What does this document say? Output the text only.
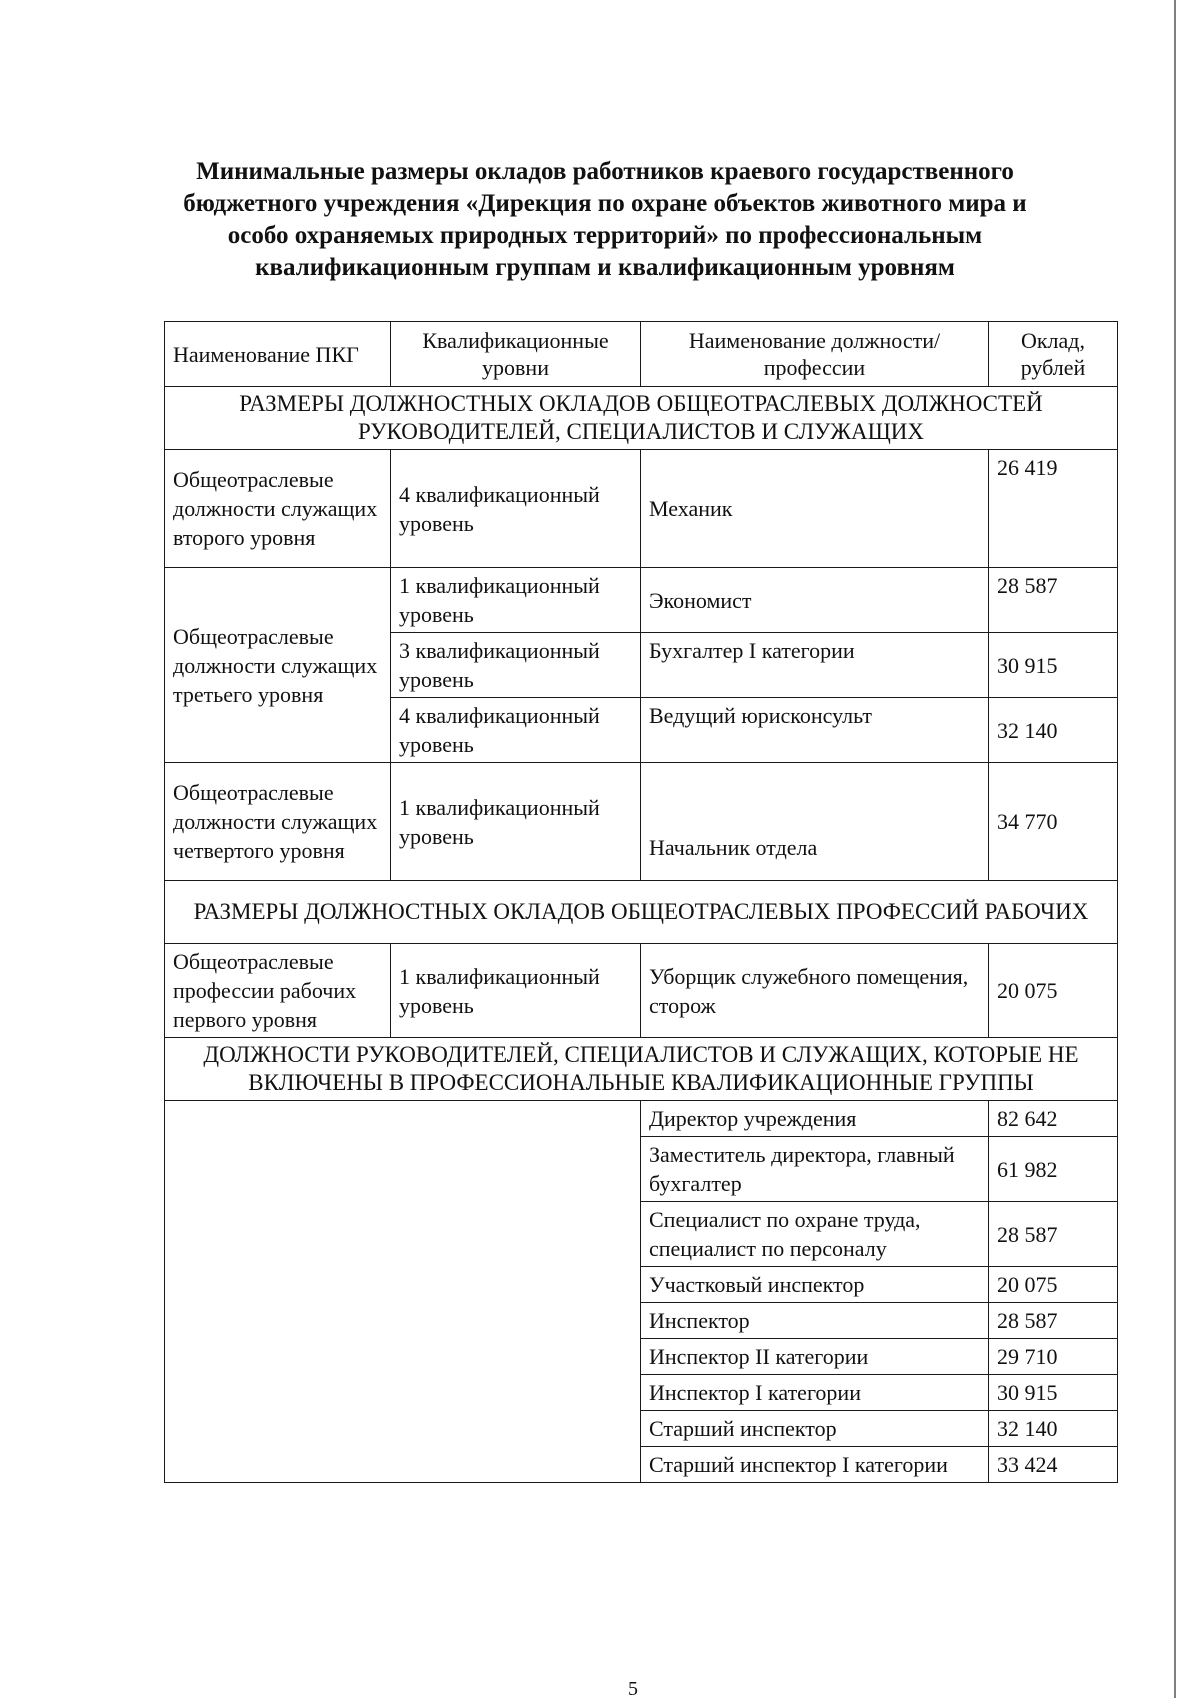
Минимальные размеры окладов работников краевого государственного
бюджетного учреждения «Дирекция по охране объектов животного мира и
особо охраняемых природных территорий» по профессиональным
квалификационным группам и квалификационным уровням
Наименование ПКГ	Квалификационные уровни	Наименование должности/профессии	Оклад, рублей
РАЗМЕРЫ ДОЛЖНОСТНЫХ ОКЛАДОВ ОБЩЕОТРАСЛЕВЫХ ДОЛЖНОСТЕЙ РУКОВОДИТЕЛЕЙ, СПЕЦИАЛИСТОВ И СЛУЖАЩИХ			
Общеотраслевые должности служащих второго уровня	4 квалификационный уровень	Механик	26 419
Общеотраслевые должности служащих третьего уровня	1 квалификационный уровень	Экономист	28 587
	3 квалификационный уровень	Бухгалтер I категории	30 915
	4 квалификационный уровень	Ведущий юрисконсульт	32 140
Общеотраслевые должности служащих четвертого уровня	1 квалификационный уровень	Начальник отдела	34 770
РАЗМЕРЫ ДОЛЖНОСТНЫХ ОКЛАДОВ ОБЩЕОТРАСЛЕВЫХ ПРОФЕССИЙ РАБОЧИХ			
Общеотраслевые профессии рабочих первого уровня	1 квалификационный уровень	Уборщик служебного помещения, сторож	20 075
ДОЛЖНОСТИ РУКОВОДИТЕЛЕЙ, СПЕЦИАЛИСТОВ И СЛУЖАЩИХ, КОТОРЫЕ НЕ ВКЛЮЧЕНЫ В ПРОФЕССИОНАЛЬНЫЕ КВАЛИФИКАЦИОННЫЕ ГРУППЫ			
		Директор учреждения	82 642
		Заместитель директора, главный бухгалтер	61 982
		Специалист по охране труда, специалист по персоналу	28 587
		Участковый инспектор	20 075
		Инспектор	28 587
		Инспектор II категории	29 710
		Инспектор I категории	30 915
		Старший инспектор	32 140
		Старший инспектор I категории	33 424
5
